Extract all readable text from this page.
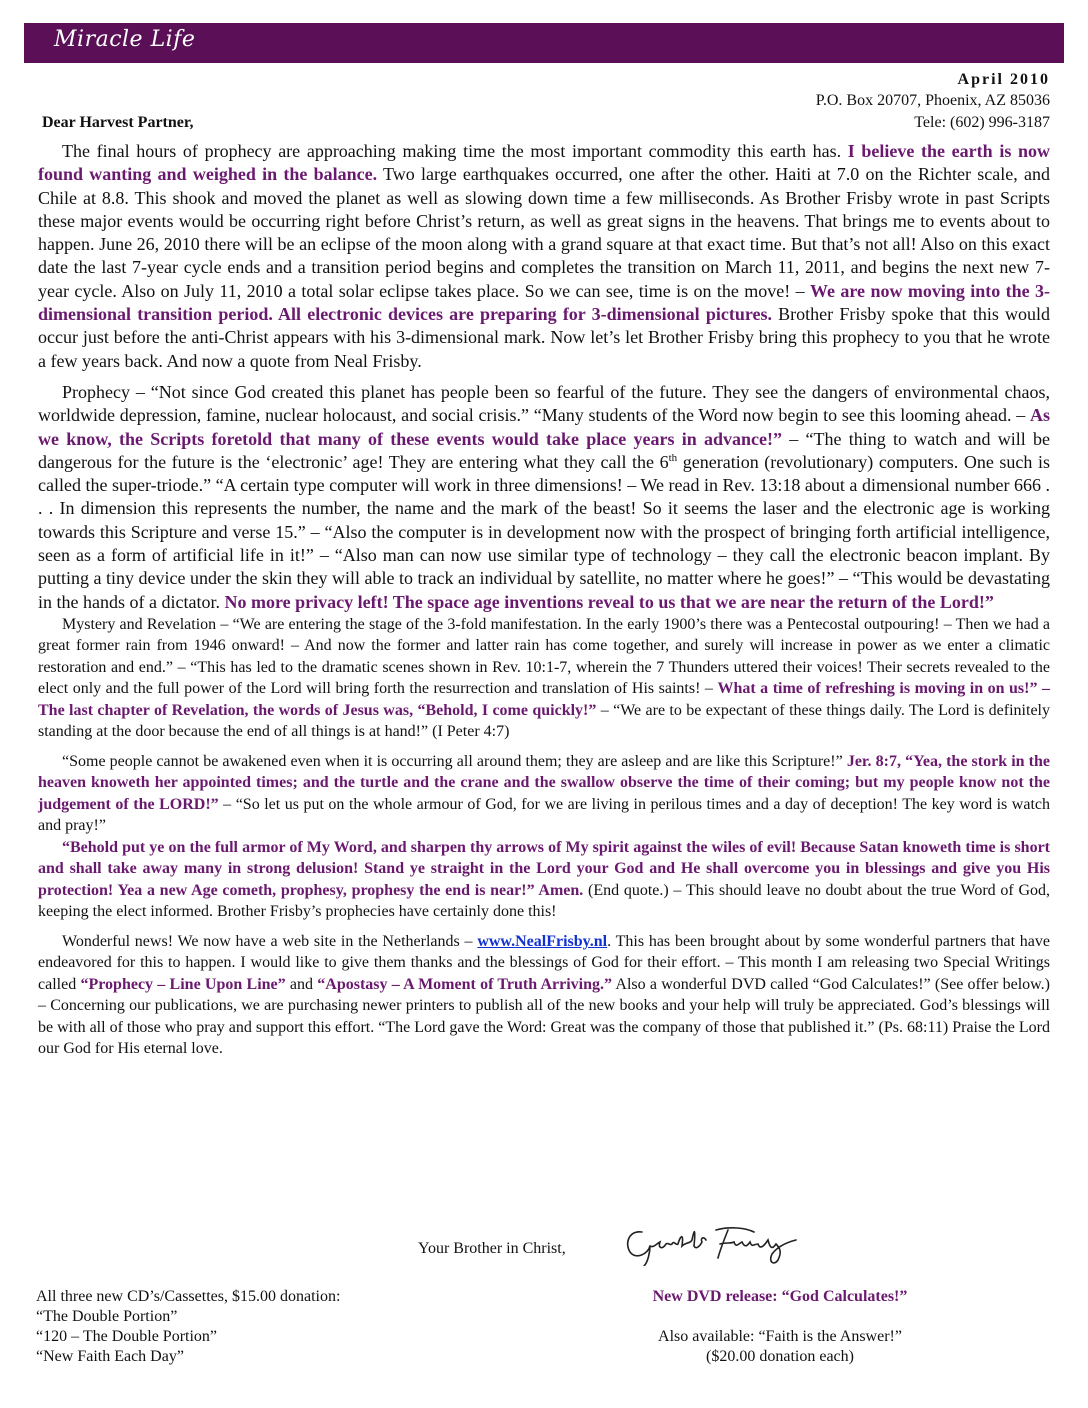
Miracle Life
April 2010
P.O. Box 20707, Phoenix, AZ 85036
Tele: (602) 996-3187
Dear Harvest Partner,

The final hours of prophecy are approaching making time the most important commodity this earth has. I believe the earth is now found wanting and weighed in the balance. Two large earthquakes occurred, one after the other. Haiti at 7.0 on the Richter scale, and Chile at 8.8. This shook and moved the planet as well as slowing down time a few milliseconds. As Brother Frisby wrote in past Scripts these major events would be occurring right before Christ’s return, as well as great signs in the heavens. That brings me to events about to happen. June 26, 2010 there will be an eclipse of the moon along with a grand square at that exact time. But that’s not all! Also on this exact date the last 7-year cycle ends and a transition period begins and completes the transition on March 11, 2011, and begins the next new 7-year cycle. Also on July 11, 2010 a total solar eclipse takes place. So we can see, time is on the move! – We are now moving into the 3-dimensional transition period. All electronic devices are preparing for 3-dimensional pictures. Brother Frisby spoke that this would occur just before the anti-Christ appears with his 3-dimensional mark. Now let’s let Brother Frisby bring this prophecy to you that he wrote a few years back. And now a quote from Neal Frisby.

Prophecy – “Not since God created this planet has people been so fearful of the future. They see the dangers of environmental chaos, worldwide depression, famine, nuclear holocaust, and social crisis.” “Many students of the Word now begin to see this looming ahead. – As we know, the Scripts foretold that many of these events would take place years in advance!” – “The thing to watch and will be dangerous for the future is the ‘electronic’ age! They are entering what they call the 6th generation (revolutionary) computers. One such is called the super-triode.” “A certain type computer will work in three dimensions! – We read in Rev. 13:18 about a dimensional number 666 . . . In dimension this represents the number, the name and the mark of the beast! So it seems the laser and the electronic age is working towards this Scripture and verse 15.” – “Also the computer is in development now with the prospect of bringing forth artificial intelligence, seen as a form of artificial life in it!” – “Also man can now use similar type of technology – they call the electronic beacon implant. By putting a tiny device under the skin they will able to track an individual by satellite, no matter where he goes!” – “This would be devastating in the hands of a dictator. No more privacy left! The space age inventions reveal to us that we are near the return of the Lord!”

Mystery and Revelation – “We are entering the stage of the 3-fold manifestation. In the early 1900’s there was a Pentecostal outpouring! – Then we had a great former rain from 1946 onward! – And now the former and latter rain has come together, and surely will increase in power as we enter a climatic restoration and end.” – “This has led to the dramatic scenes shown in Rev. 10:1-7, wherein the 7 Thunders uttered their voices! Their secrets revealed to the elect only and the full power of the Lord will bring forth the resurrection and translation of His saints! – What a time of refreshing is moving in on us!” – The last chapter of Revelation, the words of Jesus was, “Behold, I come quickly!” – “We are to be expectant of these things daily. The Lord is definitely standing at the door because the end of all things is at hand!” (I Peter 4:7)

“Some people cannot be awakened even when it is occurring all around them; they are asleep and are like this Scripture!” Jer. 8:7, “Yea, the stork in the heaven knoweth her appointed times; and the turtle and the crane and the swallow observe the time of their coming; but my people know not the judgement of the LORD!” – “So let us put on the whole armour of God, for we are living in perilous times and a day of deception! The key word is watch and pray!”

“Behold put ye on the full armor of My Word, and sharpen thy arrows of My spirit against the wiles of evil! Because Satan knoweth time is short and shall take away many in strong delusion! Stand ye straight in the Lord your God and He shall overcome you in blessings and give you His protection! Yea a new Age cometh, prophesy, prophesy the end is near!” Amen. (End quote.) – This should leave no doubt about the true Word of God, keeping the elect informed. Brother Frisby’s prophecies have certainly done this!

Wonderful news! We now have a web site in the Netherlands – www.NealFrisby.nl. This has been brought about by some wonderful partners that have endeavored for this to happen. I would like to give them thanks and the blessings of God for their effort. – This month I am releasing two Special Writings called “Prophecy – Line Upon Line” and “Apostasy – A Moment of Truth Arriving.” Also a wonderful DVD called “God Calculates!” (See offer below.) – Concerning our publications, we are purchasing newer printers to publish all of the new books and your help will truly be appreciated. God’s blessings will be with all of those who pray and support this effort. “The Lord gave the Word: Great was the company of those that published it.” (Ps. 68:11) Praise the Lord our God for His eternal love.

Your Brother in Christ,
All three new CD’s/Cassettes, $15.00 donation:
“The Double Portion”
“120 – The Double Portion”
“New Faith Each Day”
New DVD release: “God Calculates!”
Also available: “Faith is the Answer!”
($20.00 donation each)
